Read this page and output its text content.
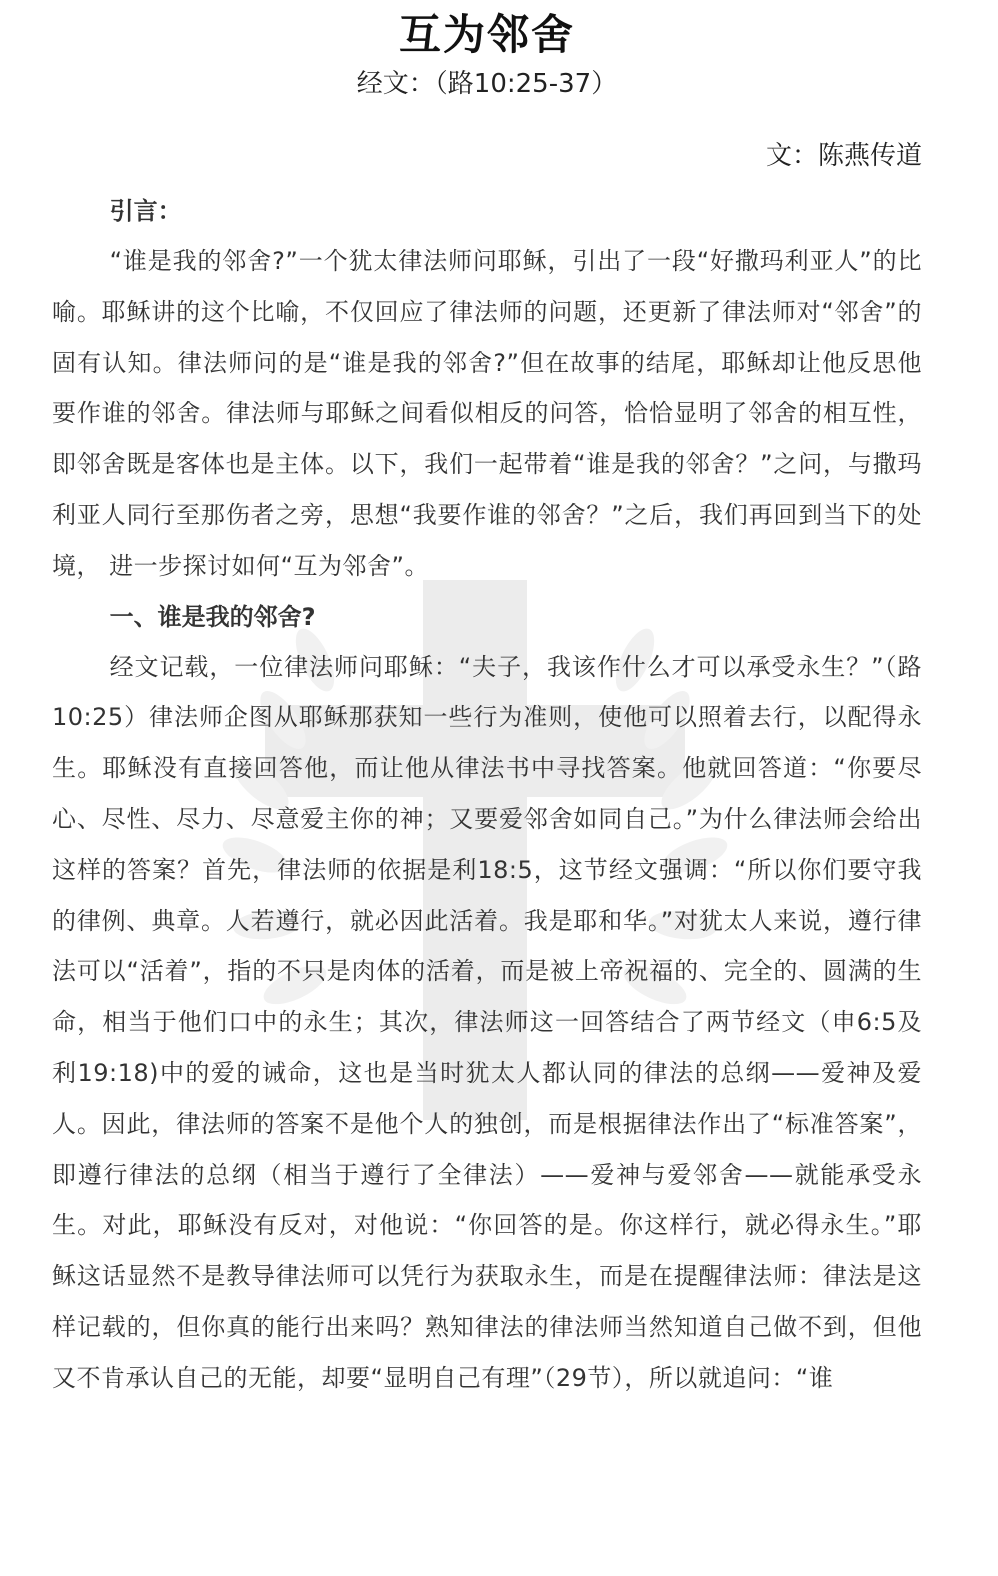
互为邻舍

经文：（路10:25-37）

文：陈燕传道

引言：

“谁是我的邻舍?”一个犹太律法师问耶稣，引出了一段“好撒玛利亚人”的比喻。耶稣讲的这个比喻，不仅回应了律法师的问题，还更新了律法师对“邻舍”的固有认知。律法师问的是“谁是我的邻舍?”但在故事的结尾，耶稣却让他反思他要作谁的邻舍。律法师与耶稣之间看似相反的问答，恰恰显明了邻舍的相互性，即邻舍既是客体也是主体。以下，我们一起带着“谁是我的邻舍？”之问，与撒玛利亚人同行至那伤者之旁，思想“我要作谁的邻舍？”之后，我们再回到当下的处境， 进一步探讨如何“互为邻舍”。

一、谁是我的邻舍?

经文记载，一位律法师问耶稣：“夫子，我该作什么才可以承受永生？”（路10:25）律法师企图从耶稣那获知一些行为准则，使他可以照着去行，以配得永生。耶稣没有直接回答他，而让他从律法书中寻找答案。他就回答道：“你要尽心、尽性、尽力、尽意爱主你的神；又要爱邻舍如同自己。”为什么律法师会给出这样的答案？首先，律法师的依据是利18:5，这节经文强调：“所以你们要守我的律例、典章。人若遵行，就必因此活着。我是耶和华。”对犹太人来说，遵行律法可以“活着”，指的不只是肉体的活着，而是被上帝祝福的、完全的、圆满的生命，相当于他们口中的永生；其次，律法师这一回答结合了两节经文（申6:5及利19:18)中的爱的诫命，这也是当时犹太人都认同的律法的总纲——爱神及爱人。因此，律法师的答案不是他个人的独创，而是根据律法作出了“标准答案”，即遵行律法的总纲（相当于遵行了全律法）——爱神与爱邻舍——就能承受永生。对此，耶稣没有反对，对他说：“你回答的是。你这样行，就必得永生。”耶稣这话显然不是教导律法师可以凭行为获取永生，而是在提醒律法师：律法是这样记载的，但你真的能行出来吗？熟知律法的律法师当然知道自己做不到，但他又不肯承认自己的无能，却要“显明自己有理”（29节），所以就追问：“谁
